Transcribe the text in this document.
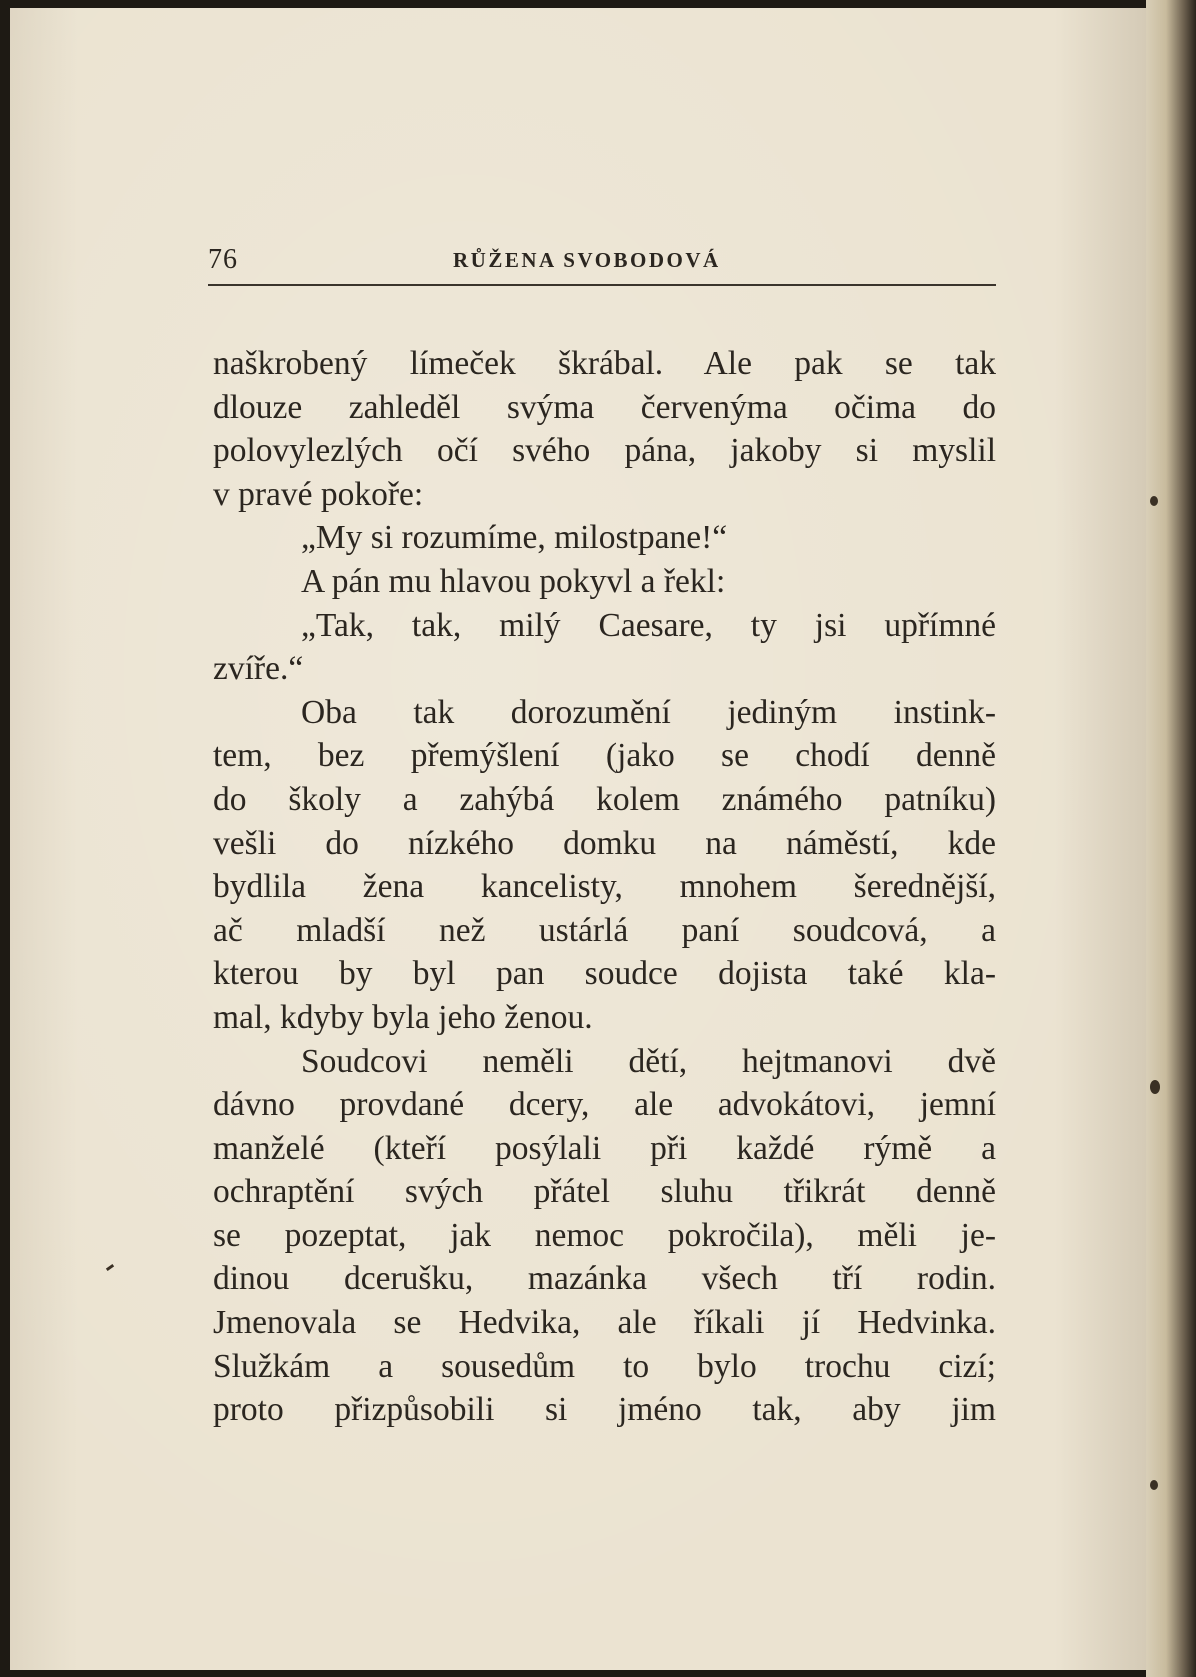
76	RŮŽENA SVOBODOVÁ
naškrobený límeček škrábal. Ale pak se tak
dlouze zahleděl svýma červenýma očima do
polovylezlých očí svého pána, jakoby si myslil
v pravé pokoře:
„My si rozumíme, milostpane!“
A pán mu hlavou pokyvl a řekl:
„Tak, tak, milý Caesare, ty jsi upřímné
zvíře.“
Oba tak dorozumění jediným instink-
tem, bez přemýšlení (jako se chodí denně
do školy a zahýbá kolem známého patníku)
vešli do nízkého domku na náměstí, kde
bydlila žena kancelisty, mnohem šerednější,
ač mladší než ustárlá paní soudcová, a
kterou by byl pan soudce dojista také kla-
mal, kdyby byla jeho ženou.
Soudcovi neměli dětí, hejtmanovi dvě
dávno provdané dcery, ale advokátovi, jemní
manželé (kteří posýlali při každé rýmě a
ochraptění svých přátel sluhu třikrát denně
se pozeptat, jak nemoc pokročila), měli je-
dinou dcerušku, mazánka všech tří rodin.
Jmenovala se Hedvika, ale říkali jí Hedvinka.
Služkám a sousedům to bylo trochu cizí;
proto přizpůsobili si jméno tak, aby jim
